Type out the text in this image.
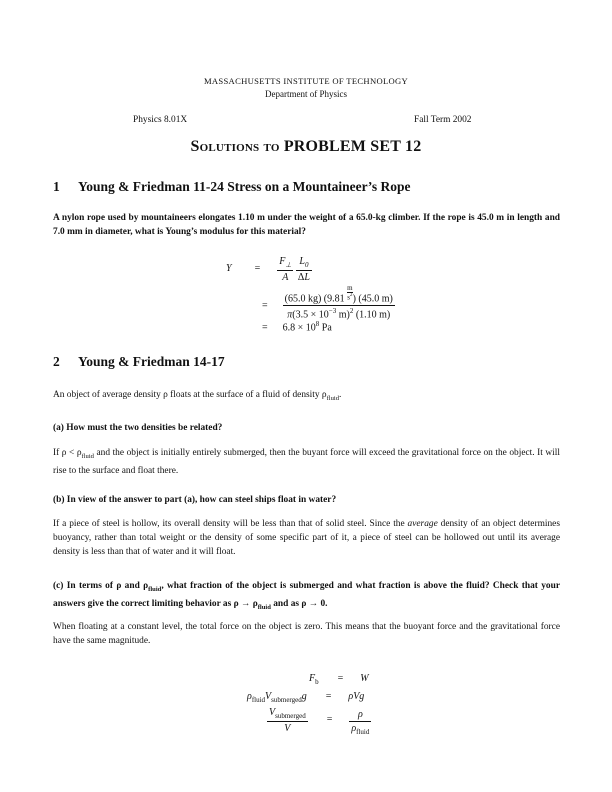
MASSACHUSETTS INSTITUTE OF TECHNOLOGY
Department of Physics
Physics 8.01X	Fall Term 2002
Solutions to PROBLEM SET 12
1 Young & Friedman 11-24 Stress on a Mountaineer’s Rope
A nylon rope used by mountaineers elongates 1.10 m under the weight of a 65.0-kg climber. If the rope is 45.0 m in length and 7.0 mm in diameter, what is Young’s modulus for this material?
$Y = \frac{F_\perp}{A}$
$\frac{L_0}{\Delta L}$
= $\frac{(65.0 kg) (9.81 \frac{m}{s^2} ) (45.0 m)}{\pi(3.5 \times 10^{-3} m)^2 (1.10 m)}$
= $6.8 \times 10^8$ Pa
2 Young & Friedman 14-17
An object of average density ρ floats at the surface of a fluid of density $\rho_{fluid}$.
(a) How must the two densities be related?
If $\rho < \rho_{fluid}$ and the object is initially entirely submerged, then the buyant force will exceed the gravitational force on the object. It will rise to the surface and float there.
(b) In view of the answer to part (a), how can steel ships float in water?
If a piece of steel is hollow, its overall density will be less than that of solid steel. Since the average density of an object determines buoyancy, rather than total weight or the density of some specific part of it, a piece of steel can be hollowed out until its average density is less than that of water and it will float.
(c) In terms of ρ and $\rho_{fluid}$, what fraction of the object is submerged and what fraction is above the fluid? Check that your answers give the correct limiting behavior as $\rho \to \rho_{fluid}$ and as ρ → 0.
When floating at a constant level, the total force on the object is zero. This means that the buoyant force and the gravitational force have the same magnitude.
$F_b = W$
$\rho_{fluid}V_{submerged}g = \rho Vg$
$\frac{V_{submerged}}{V} = \frac{\rho}{\rho_{fluid}}$
